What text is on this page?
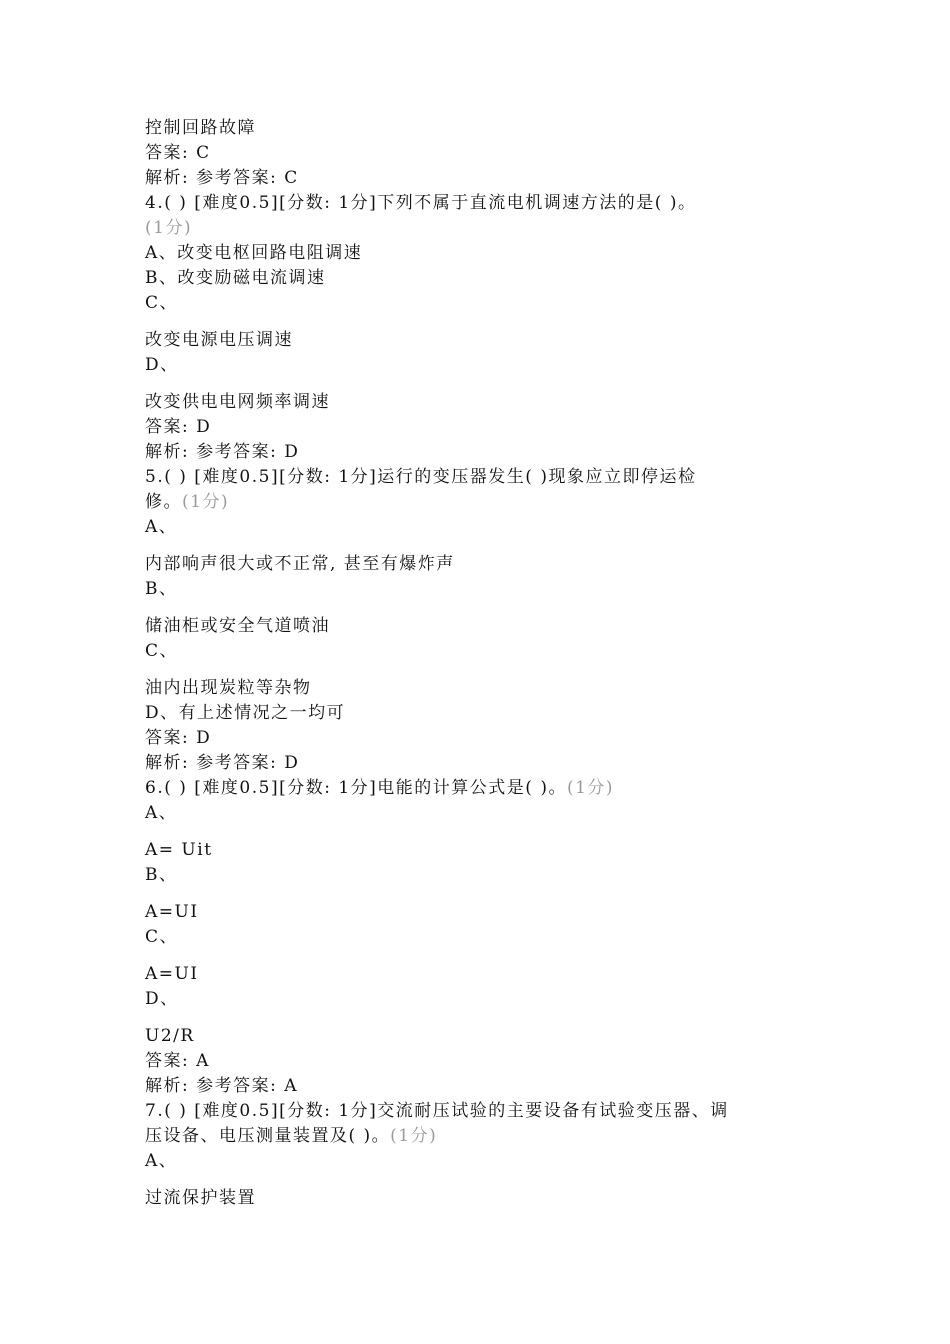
控制回路故障
答案: C
解析: 参考答案: C
4.( ) [难度0.5][分数: 1分]下列不属于直流电机调速方法的是( )。
(1分)
A、改变电枢回路电阻调速
B、改变励磁电流调速
C、
改变电源电压调速
D、
改变供电电网频率调速
答案: D
解析: 参考答案: D
5.( ) [难度0.5][分数: 1分]运行的变压器发生( )现象应立即停运检
修。(1分)
A、
内部响声很大或不正常, 甚至有爆炸声
B、
储油柜或安全气道喷油
C、
油内出现炭粒等杂物
D、有上述情况之一均可
答案: D
解析: 参考答案: D
6.( ) [难度0.5][分数: 1分]电能的计算公式是( )。(1分)
A、
A= Uit
B、
A=UI
C、
A=UI
D、
U2/R
答案: A
解析: 参考答案: A
7.( ) [难度0.5][分数: 1分]交流耐压试验的主要设备有试验变压器、调
压设备、电压测量装置及( )。(1分)
A、
过流保护装置
